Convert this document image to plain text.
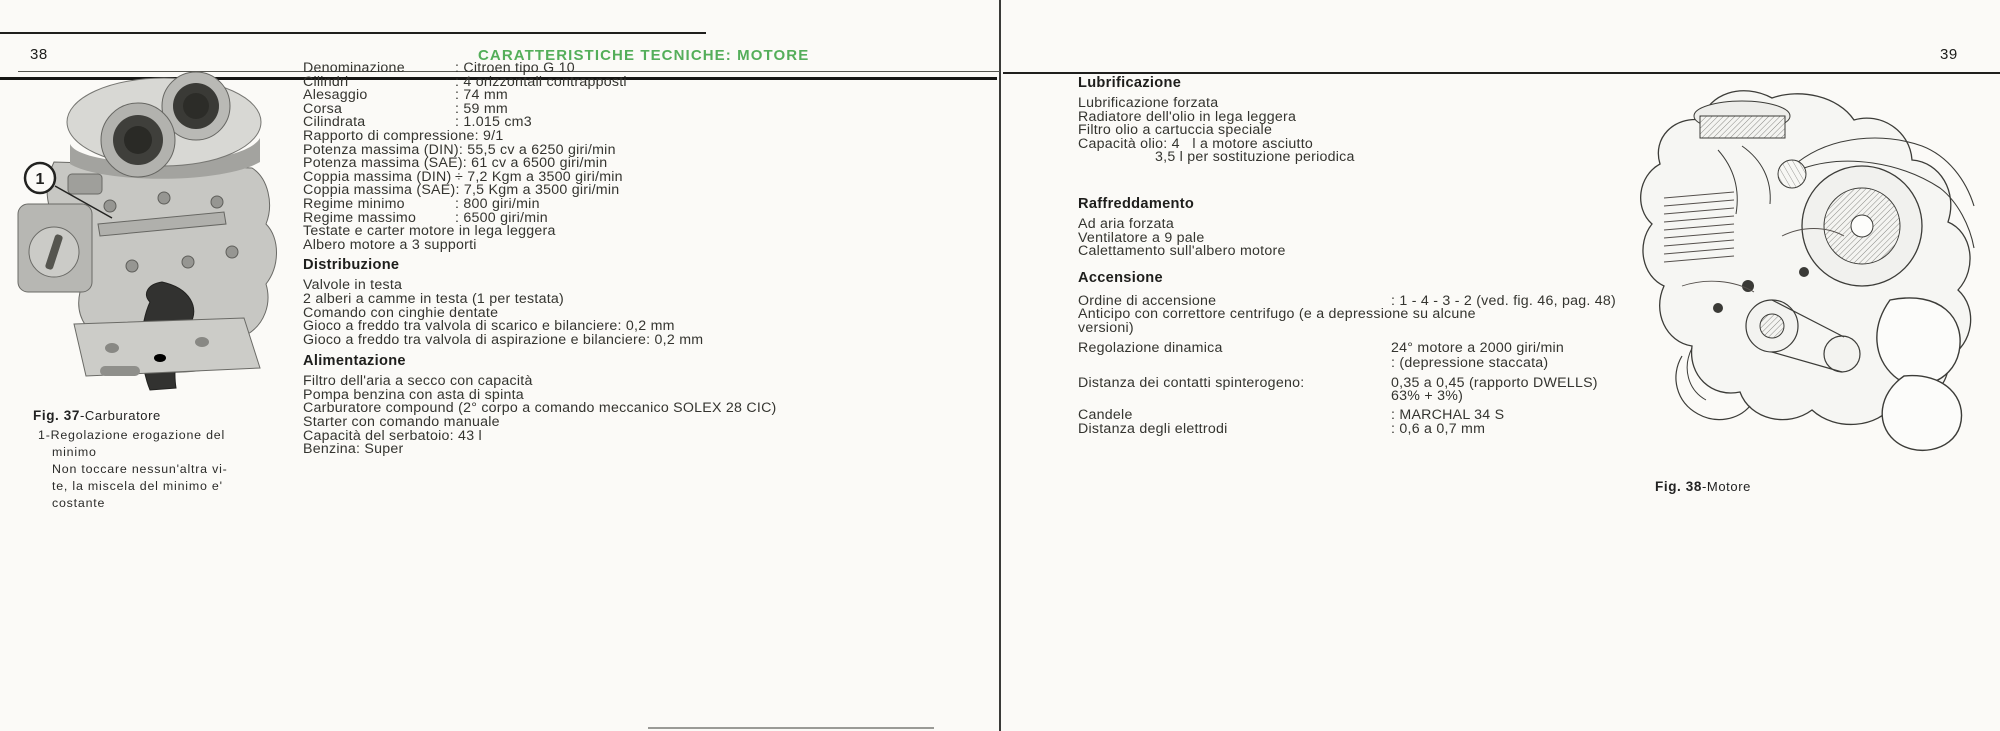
38	39
CARATTERISTICHE TECNICHE: MOTORE
1
Fig. 37-Carburatore
1-Regolazione erogazione del
minimo
Non toccare nessun'altra vi-
te, la miscela del minimo e'
costante
Denominazione	: Citroen tipo G 10
Cilindri	: 4 orizzontali contrapposti
Alesaggio	: 74 mm
Corsa	: 59 mm
Cilindrata	: 1.015 cm3
Rapporto di compressione : 9/1
Potenza massima (DIN) : 55,5 cv a 6250 giri/min
Potenza massima (SAE) : 61 cv a 6500 giri/min
Coppia massima (DIN) ÷ 7,2 Kgm a 3500 giri/min
Coppia massima (SAE) : 7,5 Kgm a 3500 giri/min
Regime minimo	: 800 giri/min
Regime massimo	: 6500 giri/min
Testate e carter motore in lega leggera
Albero motore a 3 supporti
Distribuzione
Valvole in testa
2 alberi a camme in testa (1 per testata)
Comando con cinghie dentate
Gioco a freddo tra valvola di scarico e bilanciere: 0,2 mm
Gioco a freddo tra valvola di aspirazione e bilanciere: 0,2 mm
Alimentazione
Filtro dell'aria a secco con capacità
Pompa benzina con asta di spinta
Carburatore compound (2° corpo a comando meccanico SOLEX 28 CIC)
Starter con comando manuale
Capacità del serbatoio: 43 l
Benzina: Super
Lubrificazione
Lubrificazione forzata
Radiatore dell'olio in lega leggera
Filtro olio a cartuccia speciale
Capacità olio: 4   l a motore asciutto
3,5 l per sostituzione periodica
Raffreddamento
Ad aria forzata
Ventilatore a 9 pale
Calettamento sull'albero motore
Accensione
Ordine di accensione	: 1 - 4 - 3 - 2 (ved. fig. 46, pag. 48)
Anticipo con correttore centrifugo (e a depressione su alcune
versioni)
Regolazione dinamica	24° motore a 2000 giri/min
: (depressione staccata)
Distanza dei contatti spinterogeno:	0,35 a 0,45 (rapporto DWELLS)
63% + 3%)
Candele	: MARCHAL 34 S
Distanza degli elettrodi	: 0,6 a 0,7 mm
Fig. 38-Motore
